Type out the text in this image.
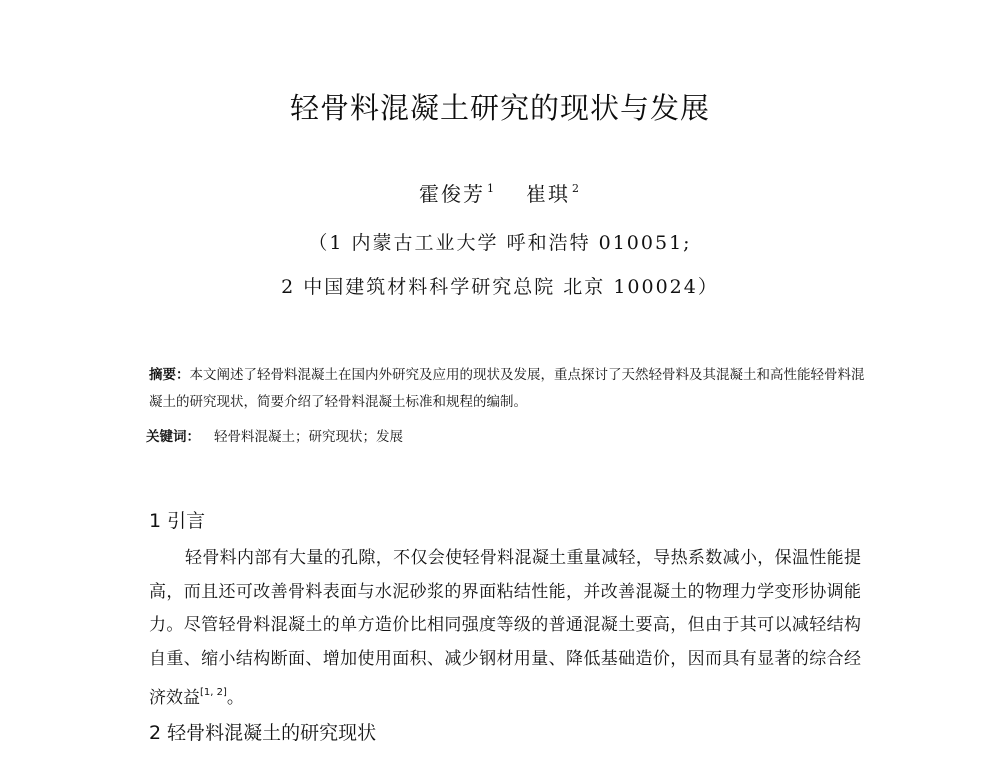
轻骨料混凝土研究的现状与发展
霍俊芳 $^1$ 崔琪 $^2$
（1 内蒙古工业大学 呼和浩特 010051;
2 中国建筑材料科学研究总院 北京 100024）
摘要：本文阐述了轻骨料混凝土在国内外研究及应用的现状及发展，重点探讨了天然轻骨料及其混凝土和高性能轻骨料混凝土的研究现状，简要介绍了轻骨料混凝土标准和规程的编制。
关键词： 轻骨料混凝土；研究现状；发展
1 引言
轻骨料内部有大量的孔隙，不仅会使轻骨料混凝土重量减轻，导热系数减小，保温性能提高，而且还可改善骨料表面与水泥砂浆的界面粘结性能，并改善混凝土的物理力学变形协调能力。尽管轻骨料混凝土的单方造价比相同强度等级的普通混凝土要高，但由于其可以减轻结构自重、缩小结构断面、增加使用面积、减少钢材用量、降低基础造价，因而具有显著的综合经济效益[1, 2]。
2 轻骨料混凝土的研究现状
